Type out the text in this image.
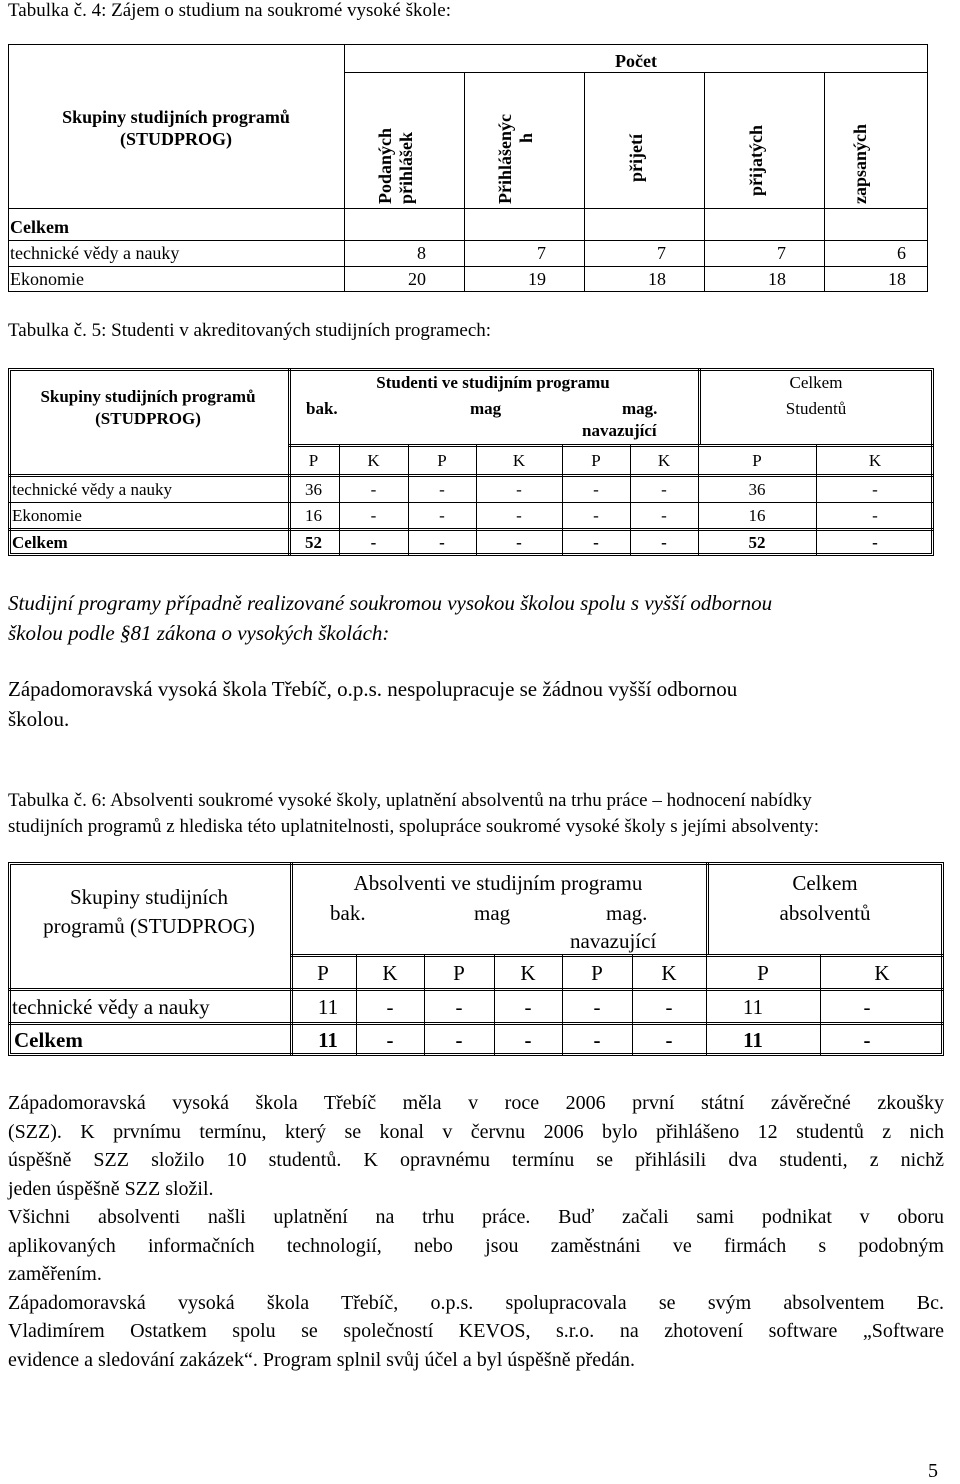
Tabulka č. 4: Zájem o studium na soukromé vysoké škole:
Skupiny studijních programů
(STUDPROG)
Počet
Podaných přihlášek	Přihlášenýc h	přijetí	přijatých	zapsaných
Celkem
technické vědy a nauky	8	7	7	7	6
Ekonomie	20	19	18	18	18
Tabulka č. 5: Studenti v akreditovaných studijních programech:
Skupiny studijních programů
(STUDPROG)
Studenti ve studijním programu
bak.	mag	mag.
navazující
Celkem
Studentů
P	K	P	K	P	K	P	K
technické vědy a nauky	36	-	-	-	-	-	36	-
Ekonomie	16	-	-	-	-	-	16	-
Celkem	52	-	-	-	-	-	52	-
Studijní programy případně realizované soukromou vysokou školou spolu s vyšší odbornou
školou podle §81 zákona o vysokých školách:
Západomoravská vysoká škola Třebíč, o.p.s. nespolupracuje se žádnou vyšší odbornou
školou.
Tabulka č. 6: Absolventi soukromé vysoké školy, uplatnění absolventů na trhu práce – hodnocení nabídky
studijních programů z hlediska této uplatnitelnosti, spolupráce soukromé vysoké školy s jejími absolventy:
Skupiny studijních
programů (STUDPROG)
Absolventi ve studijním programu
bak.	mag	mag.
navazující
Celkem
absolventů
P	K	P	K	P	K	P	K
technické vědy a nauky	11	-	-	-	-	-	11	-
Celkem	11	-	-	-	-	-	11	-
Západomoravská vysoká škola Třebíč měla v roce 2006 první státní závěrečné zkoušky
(SZZ). K prvnímu termínu, který se konal v červnu 2006 bylo přihlášeno 12 studentů z nich
úspěšně SZZ složilo 10 studentů. K opravnému termínu se přihlásili dva studenti, z nichž
jeden úspěšně SZZ složil.
Všichni absolventi našli uplatnění na trhu práce. Buď začali sami podnikat v oboru
aplikovaných informačních technologií, nebo jsou zaměstnáni ve firmách s podobným
zaměřením.
Západomoravská vysoká škola Třebíč, o.p.s. spolupracovala se svým absolventem Bc.
Vladimírem Ostatkem spolu se společností KEVOS, s.r.o. na zhotovení software „Software
evidence a sledování zakázek“. Program splnil svůj účel a byl úspěšně předán.
5
